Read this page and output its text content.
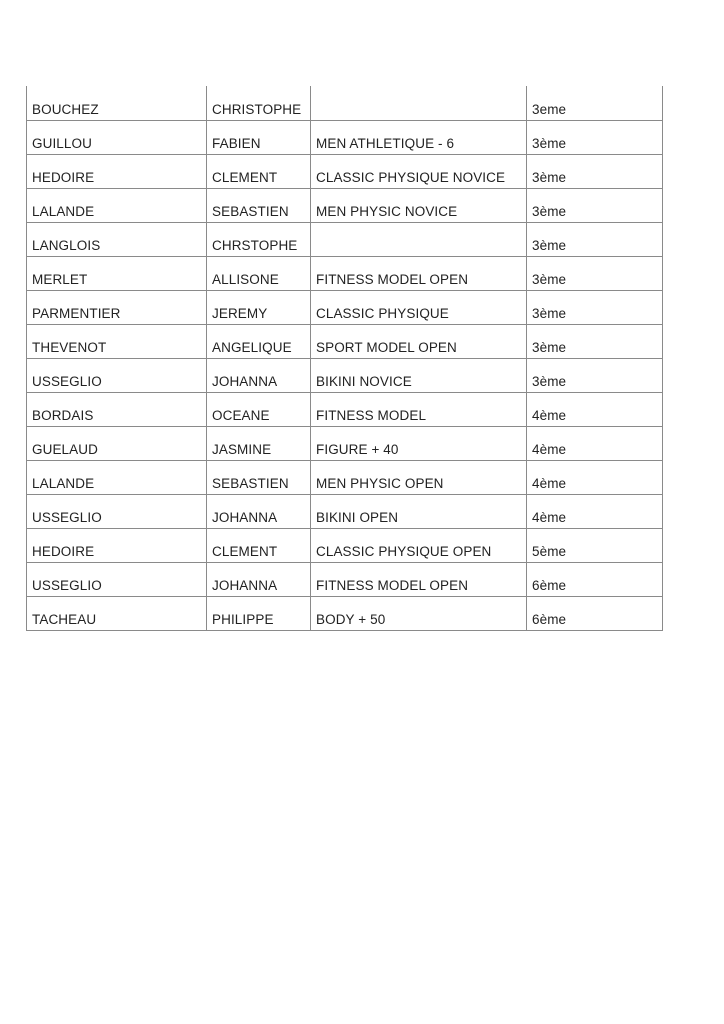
BOUCHEZ	CHRISTOPHE		3eme
GUILLOU	FABIEN	MEN ATHLETIQUE - 6	3ème
HEDOIRE	CLEMENT	CLASSIC PHYSIQUE NOVICE	3ème
LALANDE	SEBASTIEN	MEN PHYSIC NOVICE	3ème
LANGLOIS	CHRSTOPHE		3ème
MERLET	ALLISONE	FITNESS MODEL OPEN	3ème
PARMENTIER	JEREMY	CLASSIC PHYSIQUE	3ème
THEVENOT	ANGELIQUE	SPORT MODEL OPEN	3ème
USSEGLIO	JOHANNA	BIKINI NOVICE	3ème
BORDAIS	OCEANE	FITNESS MODEL	4ème
GUELAUD	JASMINE	FIGURE + 40	4ème
LALANDE	SEBASTIEN	MEN PHYSIC OPEN	4ème
USSEGLIO	JOHANNA	BIKINI OPEN	4ème
HEDOIRE	CLEMENT	CLASSIC PHYSIQUE OPEN	5ème
USSEGLIO	JOHANNA	FITNESS MODEL OPEN	6ème
TACHEAU	PHILIPPE	BODY + 50	6ème
